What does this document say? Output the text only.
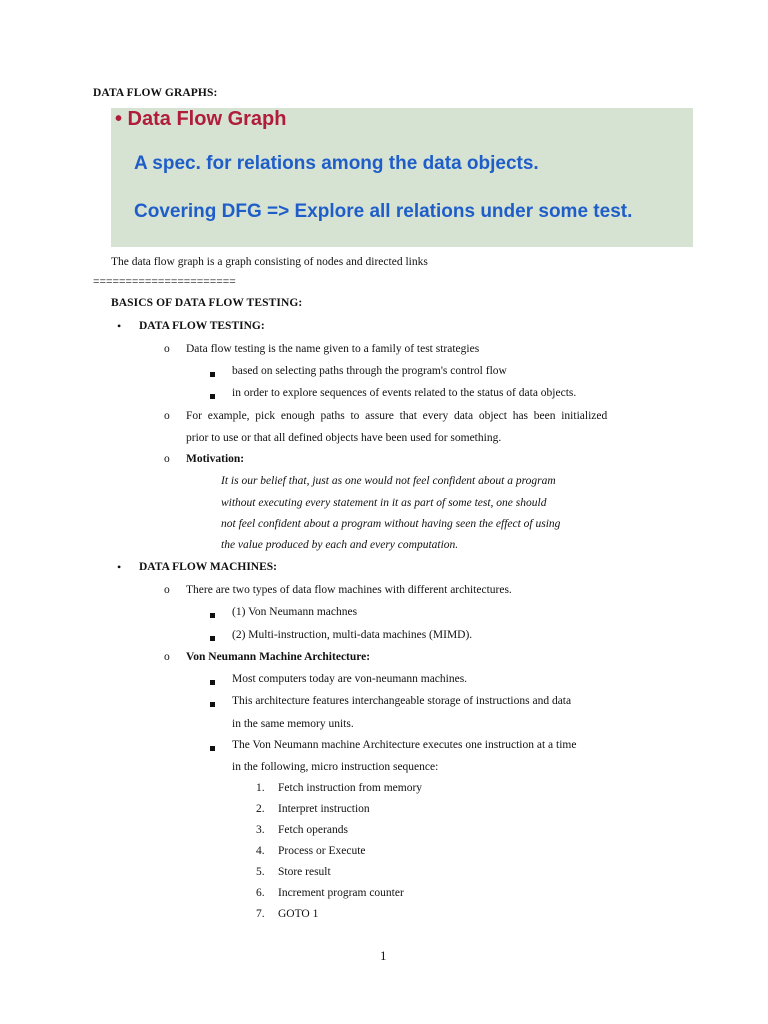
DATA FLOW GRAPHS:
• Data Flow Graph
A spec. for relations among the data objects.
Covering DFG => Explore all relations under some test.
The data flow graph is a graph consisting of nodes and directed links
======================
BASICS OF DATA FLOW TESTING:
• DATA FLOW TESTING:
o Data flow testing is the name given to a family of test strategies
based on selecting paths through the program's control flow
in order to explore sequences of events related to the status of data objects.
o For  example,  pick  enough  paths  to  assure  that  every  data  object  has  been  initialized
prior to use or that all defined objects have been used for something.
o Motivation:
It is our belief that, just as one would not feel confident about a program
without executing every statement in it as part of some test, one should
not feel confident about a program without having seen the effect of using
the value produced by each and every computation.
• DATA FLOW MACHINES:
o There are two types of data flow machines with different architectures.
(1) Von Neumann machnes
(2) Multi-instruction, multi-data machines (MIMD).
o Von Neumann Machine Architecture:
Most computers today are von-neumann machines.
This architecture features interchangeable storage of instructions and data
in the same memory units.
The Von Neumann machine Architecture executes one instruction at a time
in the following, micro instruction sequence:
1. Fetch instruction from memory
2. Interpret instruction
3. Fetch operands
4. Process or Execute
5. Store result
6. Increment program counter
7. GOTO 1
1
